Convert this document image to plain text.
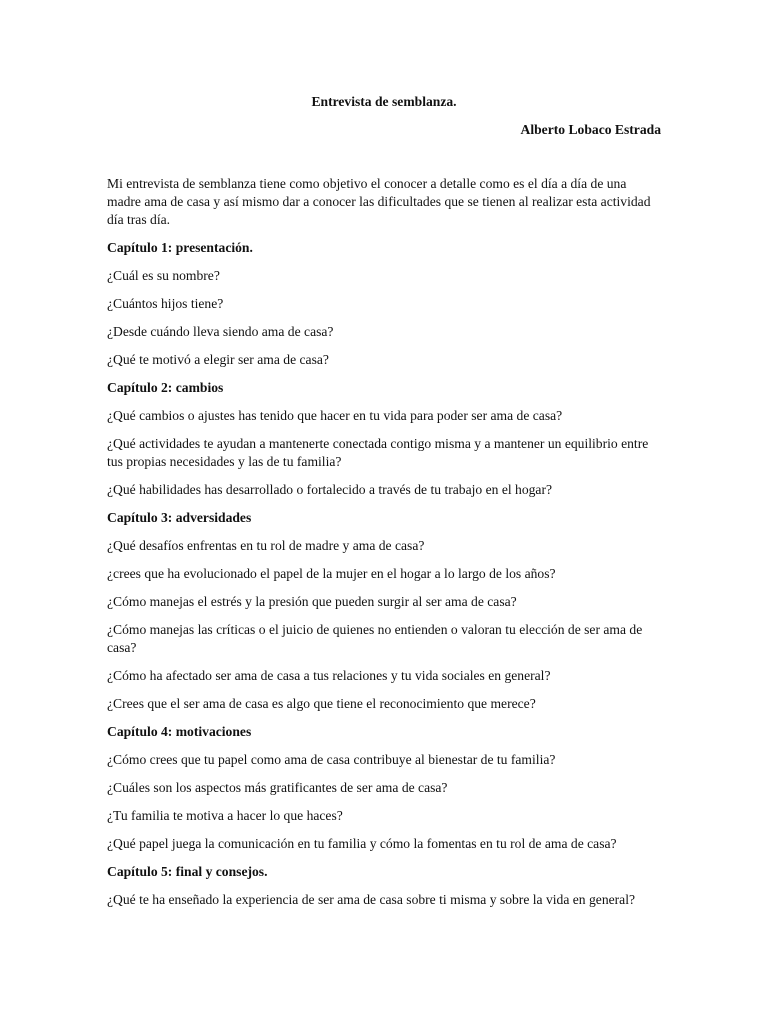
Entrevista de semblanza.
Alberto Lobaco Estrada

Mi entrevista de semblanza tiene como objetivo el conocer a detalle como es el día a día de una madre ama de casa y así mismo dar a conocer las dificultades que se tienen al realizar esta actividad día tras día.

Capítulo 1: presentación.

¿Cuál es su nombre?

¿Cuántos hijos tiene?

¿Desde cuándo lleva siendo ama de casa?

¿Qué te motivó a elegir ser ama de casa?

Capítulo 2: cambios

¿Qué cambios o ajustes has tenido que hacer en tu vida para poder ser ama de casa?

¿Qué actividades te ayudan a mantenerte conectada contigo misma y a mantener un equilibrio entre tus propias necesidades y las de tu familia?

¿Qué habilidades has desarrollado o fortalecido a través de tu trabajo en el hogar?

Capítulo 3: adversidades

¿Qué desafíos enfrentas en tu rol de madre y ama de casa?

¿crees que ha evolucionado el papel de la mujer en el hogar a lo largo de los años?

¿Cómo manejas el estrés y la presión que pueden surgir al ser ama de casa?

¿Cómo manejas las críticas o el juicio de quienes no entienden o valoran tu elección de ser ama de casa?

¿Cómo ha afectado ser ama de casa a tus relaciones y tu vida sociales en general?

¿Crees que el ser ama de casa es algo que tiene el reconocimiento que merece?

Capítulo 4: motivaciones

¿Cómo crees que tu papel como ama de casa contribuye al bienestar de tu familia?

¿Cuáles son los aspectos más gratificantes de ser ama de casa?

¿Tu familia te motiva a hacer lo que haces?

¿Qué papel juega la comunicación en tu familia y cómo la fomentas en tu rol de ama de casa?

Capítulo 5: final y consejos.

¿Qué te ha enseñado la experiencia de ser ama de casa sobre ti misma y sobre la vida en general?
